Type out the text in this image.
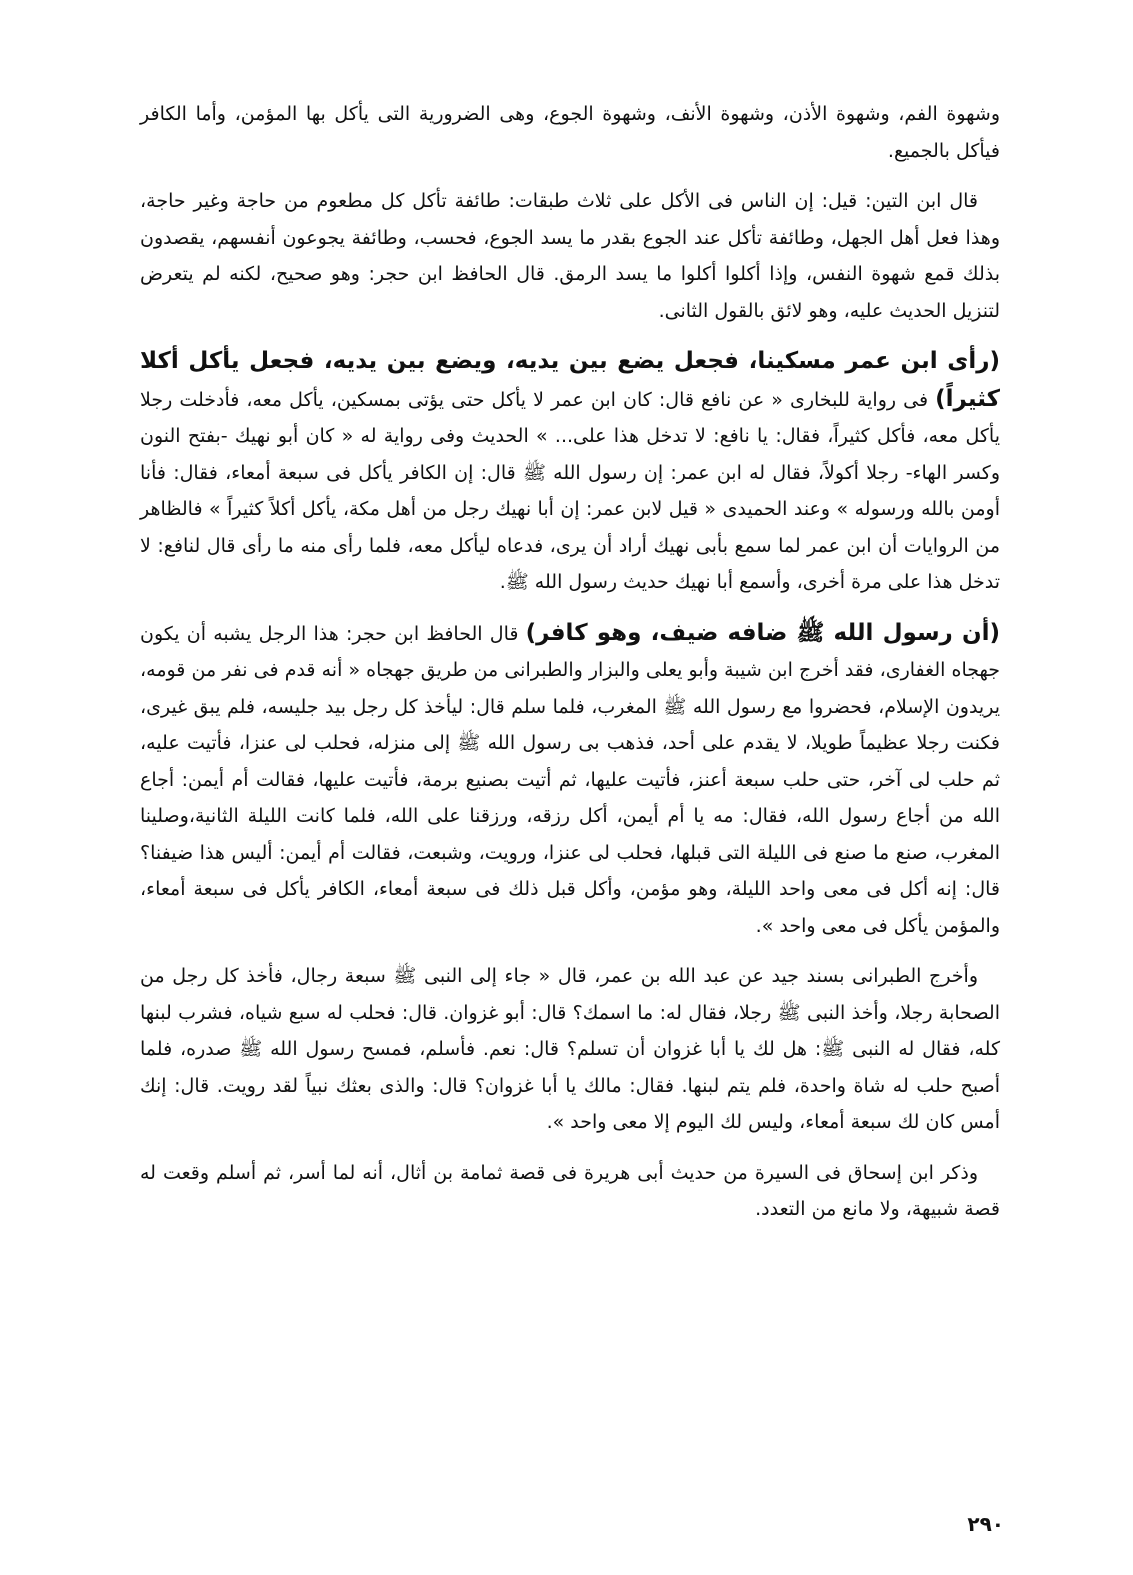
وشهوة الفم، وشهوة الأذن، وشهوة الأنف، وشهوة الجوع، وهى الضرورية التى يأكل بها المؤمن، وأما الكافر فيأكل بالجميع.

قال ابن التين: قيل: إن الناس فى الأكل على ثلاث طبقات: طائفة تأكل كل مطعوم من حاجة وغير حاجة، وهذا فعل أهل الجهل، وطائفة تأكل عند الجوع بقدر ما يسد الجوع، فحسب، وطائفة يجوعون أنفسهم، يقصدون بذلك قمع شهوة النفس، وإذا أكلوا أكلوا ما يسد الرمق. قال الحافظ ابن حجر: وهو صحيح، لكنه لم يتعرض لتنزيل الحديث عليه، وهو لائق بالقول الثانى.

(رأى ابن عمر مسكينا، فجعل يضع بين يديه، ويضع بين يديه، فجعل يأكل أكلا كثيراً) فى رواية للبخارى « عن نافع قال: كان ابن عمر لا يأكل حتى يؤتى بمسكين، يأكل معه، فأدخلت رجلا يأكل معه، فأكل كثيراً، فقال: يا نافع: لا تدخل هذا على... » الحديث وفى رواية له « كان أبو نهيك -بفتح النون وكسر الهاء- رجلا أكولاً، فقال له ابن عمر: إن رسول الله ﷺ قال: إن الكافر يأكل فى سبعة أمعاء، فقال: فأنا أومن بالله ورسوله » وعند الحميدى « قيل لابن عمر: إن أبا نهيك رجل من أهل مكة، يأكل أكلاً كثيراً » فالظاهر من الروايات أن ابن عمر لما سمع بأبى نهيك أراد أن يرى، فدعاه ليأكل معه، فلما رأى منه ما رأى قال لنافع: لا تدخل هذا على مرة أخرى، وأسمع أبا نهيك حديث رسول الله ﷺ.

(أن رسول الله ﷺ ضافه ضيف، وهو كافر) قال الحافظ ابن حجر: هذا الرجل يشبه أن يكون جهجاه الغفارى، فقد أخرج ابن شيبة وأبو يعلى والبزار والطبرانى من طريق جهجاه « أنه قدم فى نفر من قومه، يريدون الإسلام، فحضروا مع رسول الله ﷺ المغرب، فلما سلم قال: ليأخذ كل رجل بيد جليسه، فلم يبق غيرى، فكنت رجلا عظيماً طويلا، لا يقدم على أحد، فذهب بى رسول الله ﷺ إلى منزله، فحلب لى عنزا، فأتيت عليه، ثم حلب لى آخر، حتى حلب سبعة أعنز، فأتيت عليها، ثم أتيت بصنيع برمة، فأتيت عليها، فقالت أم أيمن: أجاع الله من أجاع رسول الله، فقال: مه يا أم أيمن، أكل رزقه، ورزقنا على الله، فلما كانت الليلة الثانية،وصلينا المغرب، صنع ما صنع فى الليلة التى قبلها، فحلب لى عنزا، ورويت، وشبعت، فقالت أم أيمن: أليس هذا ضيفنا؟ قال: إنه أكل فى معى واحد الليلة، وهو مؤمن، وأكل قبل ذلك فى سبعة أمعاء، الكافر يأكل فى سبعة أمعاء، والمؤمن يأكل فى معى واحد ».

وأخرج الطبرانى بسند جيد عن عبد الله بن عمر، قال « جاء إلى النبى ﷺ سبعة رجال، فأخذ كل رجل من الصحابة رجلا، وأخذ النبى ﷺ رجلا، فقال له: ما اسمك؟ قال: أبو غزوان. قال: فحلب له سبع شياه، فشرب لبنها كله، فقال له النبى ﷺ: هل لك يا أبا غزوان أن تسلم؟ قال: نعم. فأسلم، فمسح رسول الله ﷺ صدره، فلما أصبح حلب له شاة واحدة، فلم يتم لبنها. فقال: مالك يا أبا غزوان؟ قال: والذى بعثك نبياً لقد رويت. قال: إنك أمس كان لك سبعة أمعاء، وليس لك اليوم إلا معى واحد ».

وذكر ابن إسحاق فى السيرة من حديث أبى هريرة فى قصة ثمامة بن أثال، أنه لما أسر، ثم أسلم وقعت له قصة شبيهة، ولا مانع من التعدد.

٢٩٠
